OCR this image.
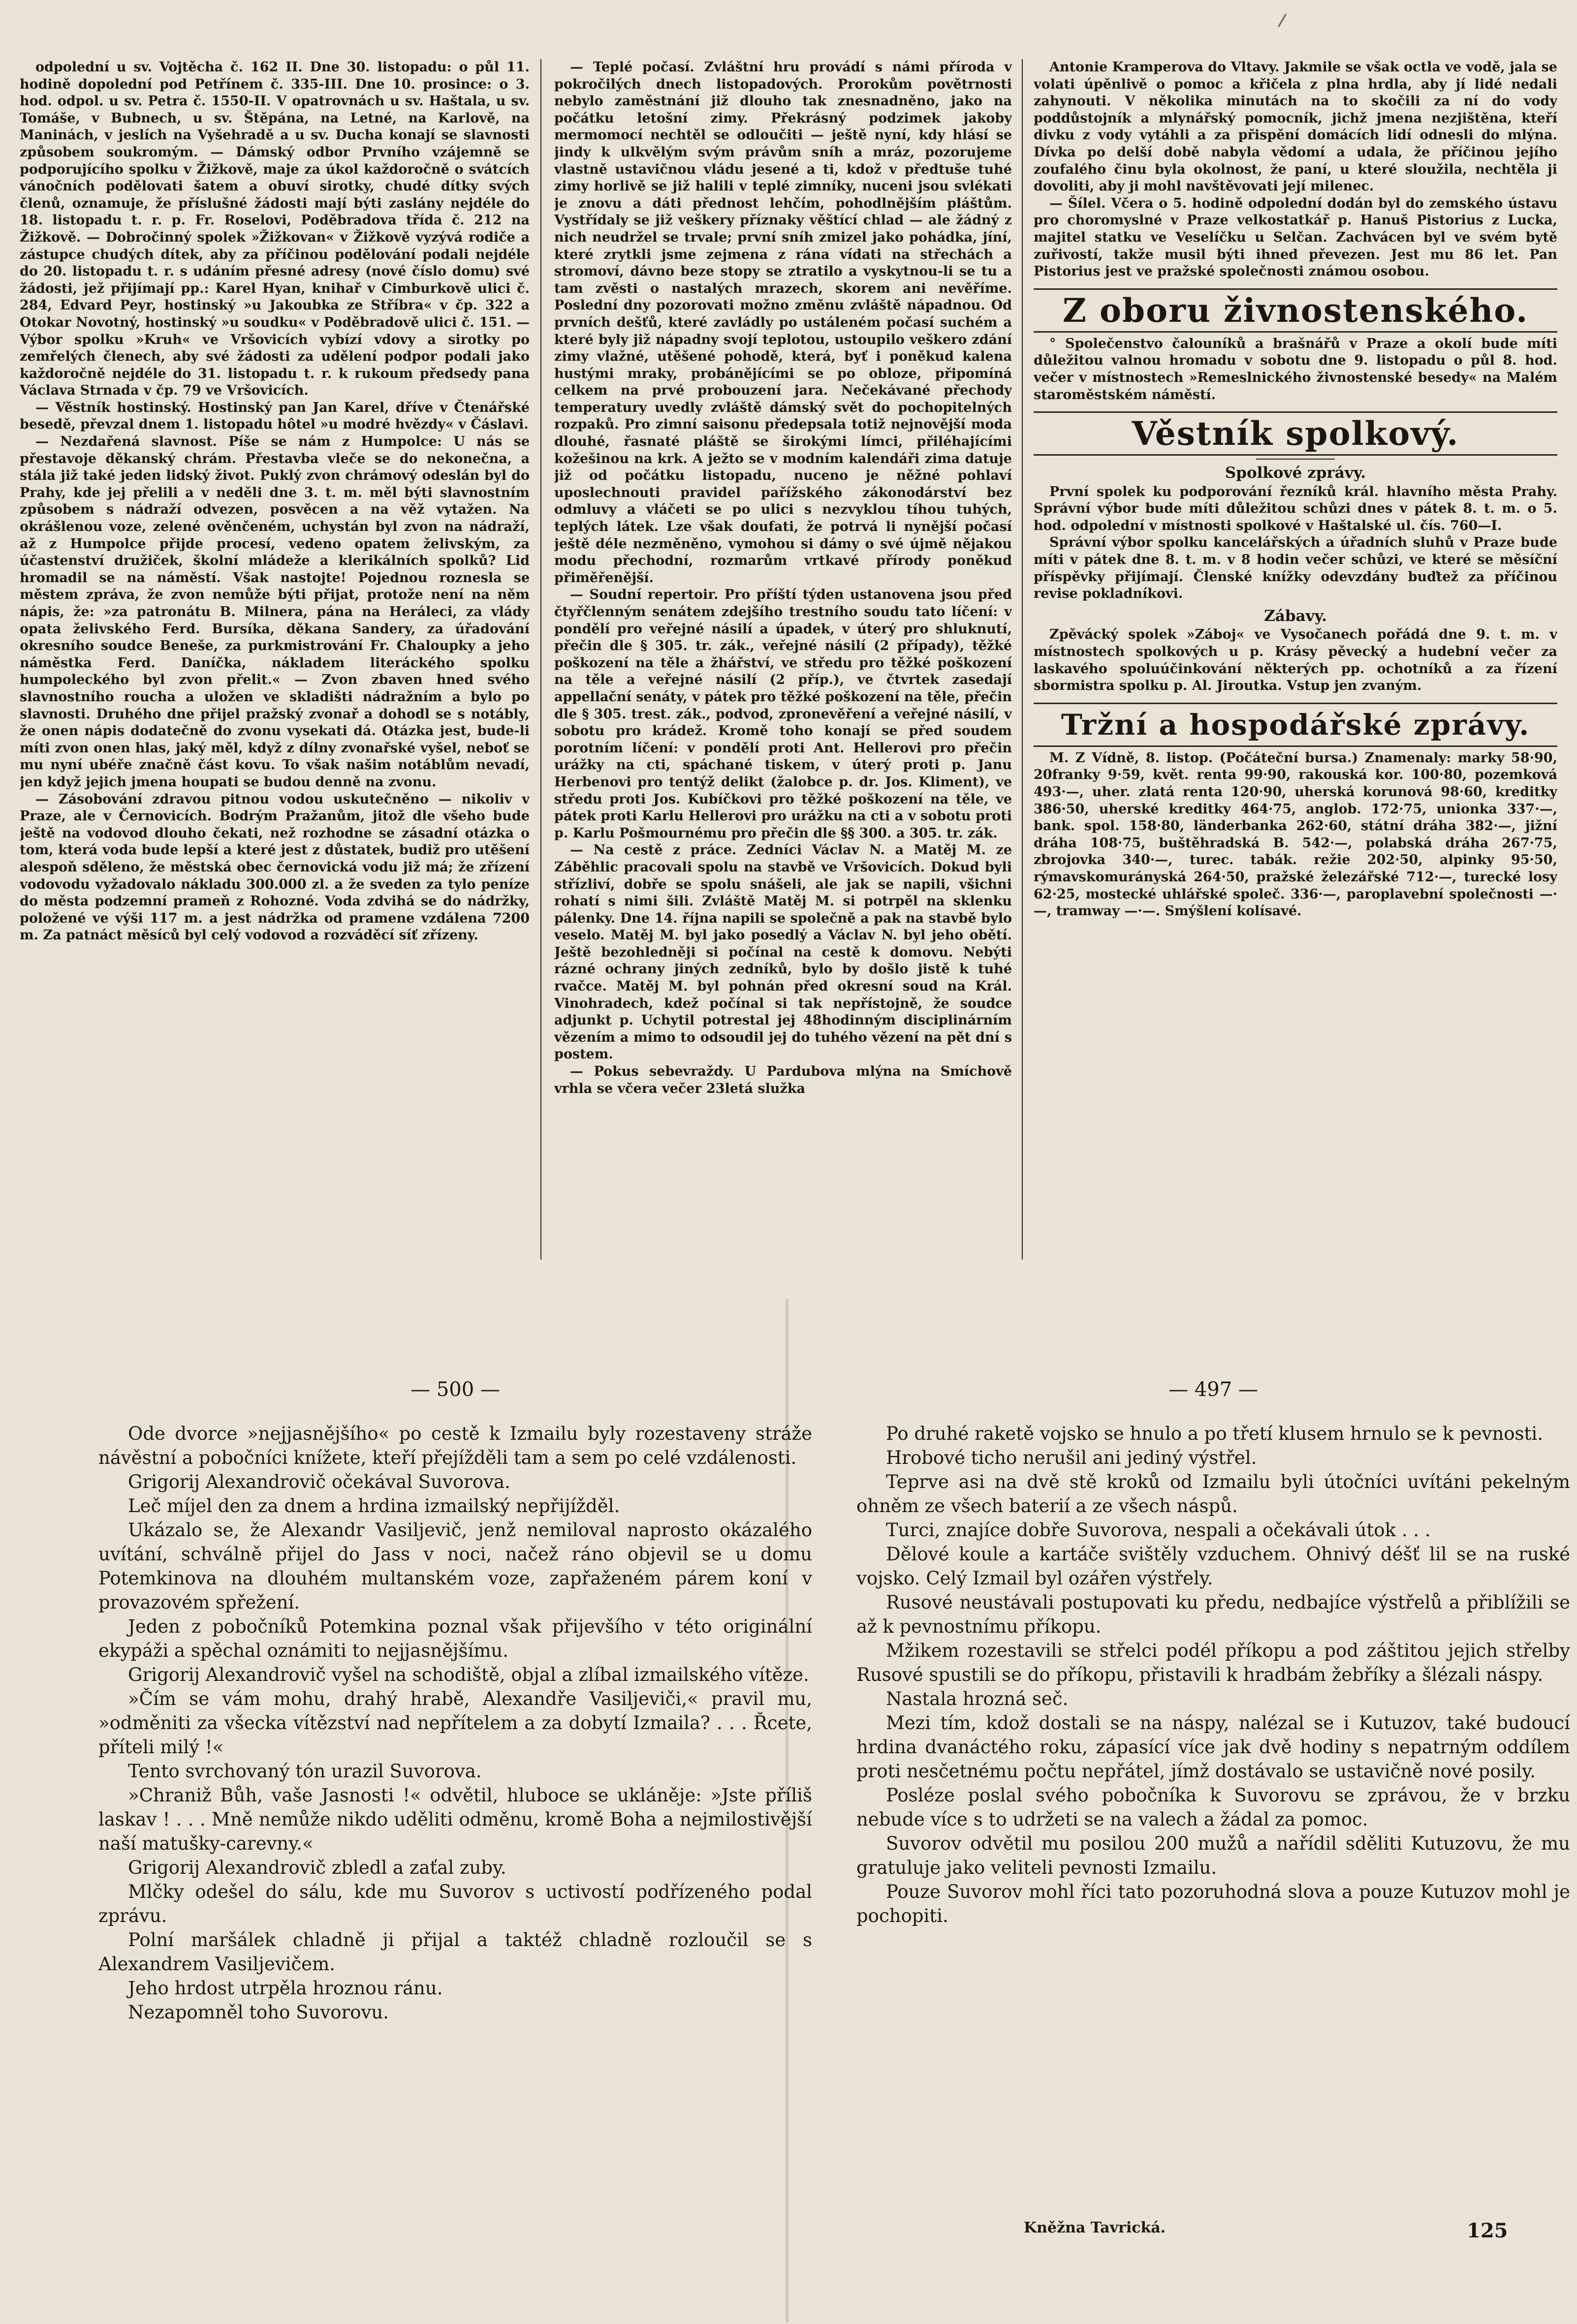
odpolední u sv. Vojtěcha č. 162 II. Dne 30. listopadu: o půl 11. hodině dopolední pod Petřínem č. 335-III. Dne 10. prosince: o 3. hod. odpol. u sv. Petra č. 1550-II. V opatrovnách u sv. Haštala, u sv. Tomáše, v Bubnech, u sv. Štěpána, na Letné, na Karlově, na Maninách, v jeslích na Vyšehradě a u sv. Ducha konají se slavnosti způsobem soukromým. — Dámský odbor Prvního vzájemně se podporujícího spolku v Žižkově, maje za úkol každoročně o svátcích vánočních podělovati šatem a obuví sirotky, chudé dítky svých členů, oznamuje, že příslušné žádosti mají býti zaslány nejdéle do 18. listopadu t. r. p. Fr. Roselovi, Poděbradova třída č. 212 na Žižkově. — Dobročinný spolek »Žižkovan« v Žižkově vyzývá rodiče a zástupce chudých dítek, aby za příčinou podělování podali nejdéle do 20. listopadu t. r. s udáním přesné adresy (nové číslo domu) své žádosti, jež přijímají pp.: Karel Hyan, knihař v Cimburkově ulici č. 284, Edvard Peyr, hostinský »u Jakoubka ze Stříbra« v čp. 322 a Otokar Novotný, hostinský »u soudku« v Poděbradově ulici č. 151. — Výbor spolku »Kruh« ve Vršovicích vybízí vdovy a sirotky po zemřelých členech, aby své žádosti za udělení podpor podali jako každoročně nejdéle do 31. listopadu t. r. k rukoum předsedy pana Václava Strnada v čp. 79 ve Vršovicích.

— Věstník hostinský. Hostinský pan Jan Karel, dříve v Čtenářské besedě, převzal dnem 1. listopadu hôtel »u modré hvězdy« v Čáslavi.

— Nezdařená slavnost. Píše se nám z Humpolce: U nás se přestavoje děkanský chrám. Přestavba vleče se do nekonečna, a stála již také jeden lidský život. Puklý zvon chrámový odeslán byl do Prahy, kde jej přelili a v neděli dne 3. t. m. měl býti slavnostním způsobem s nádraží odvezen, posvěcen a na věž vytažen. Na okrášlenou voze, zelené ověnčeném, uchystán byl zvon na nádraží, až z Humpolce přijde procesí, vedeno opatem želivským, za účastenství družiček, školní mládeže a klerikálních spolků? Lid hromadil se na náměstí. Však nastojte! Pojednou roznesla se městem zpráva, že zvon nemůže býti přijat, protože není na něm nápis, že: »za patronátu B. Milnera, pána na Heráleci, za vlády opata želivského Ferd. Bursíka, děkana Sandery, za úřadování okresního soudce Beneše, za purkmistrování Fr. Chaloupky a jeho náměstka Ferd. Daníčka, nákladem literáckého spolku humpoleckého byl zvon přelit.« — Zvon zbaven hned svého slavnostního roucha a uložen ve skladišti nádražním a bylo po slavnosti. Druhého dne přijel pražský zvonař a dohodl se s notábly, že onen nápis dodatečně do zvonu vysekati dá. Otázka jest, bude-li míti zvon onen hlas, jaký měl, když z dílny zvonařské vyšel, neboť se mu nyní ubéře značně část kovu. To však našim notáblům nevadí, jen když jejich jmena houpati se budou denně na zvonu.

— Zásobování zdravou pitnou vodou uskutečněno — nikoliv v Praze, ale v Černovicích. Bodrým Pražanům, jitož dle všeho bude ještě na vodovod dlouho čekati, než rozhodne se zásadní otázka o tom, která voda bude lepší a které jest z důstatek, budiž pro utěšení alespoň sděleno, že městská obec černovická vodu již má; že zřízení vodovodu vyžadovalo nákladu 300.000 zl. a že sveden za tylo peníze do města podzemní prameň z Rohozné. Voda zdvihá se do nádržky, položené ve výši 117 m. a jest nádržka od pramene vzdálena 7200 m. Za patnáct měsíců byl celý vodovod a rozváděcí síť zřízeny.

— Teplé počasí. Zvláštní hru provádí s námi příroda v pokročilých dnech listopadových. Prorokům povětrnosti nebylo zaměstnání již dlouho tak znesnadněno, jako na počátku letošní zimy. Překrásný podzimek jakoby mermomocí nechtěl se odloučiti — ještě nyní, kdy hlásí se jindy k ulkvělým svým právům sníh a mráz, pozorujeme vlastně ustavičnou vládu jesené a ti, kdož v předtuše tuhé zimy horlivě se již halili v teplé zimníky, nuceni jsou svlékati je znovu a dáti přednost lehčím, pohodlnějším pláštům. Vystřídaly se již veškery příznaky věštící chlad — ale žádný z nich neudržel se trvale; první sníh zmizel jako pohádka, jíní, které zrytkli jsme zejmena z rána vídati na střechách a stromoví, dávno beze stopy se ztratilo a vyskytnou-li se tu a tam zvěsti o nastalých mrazech, skorem ani nevěříme. Poslední dny pozorovati možno změnu zvláště nápadnou. Od prvních dešťů, které zavládly po ustáleném počasí suchém a které byly již nápadny svojí teplotou, ustoupilo veškero zdání zimy vlažné, utěšené pohodě, která, byť i poněkud kalena hustými mraky, probánějícími se po obloze, připomíná celkem na prvé probouzení jara. Nečekávané přechody temperatury uvedly zvláště dámský svět do pochopitelných rozpaků. Pro zimní saisonu předepsala totiž nejnovější moda dlouhé, řasnaté pláště se širokými límci, přiléhajícími kožešinou na krk. A ježto se v modním kalendáři zima datuje již od počátku listopadu, nuceno je něžné pohlaví uposlechnouti pravidel pařížského zákonodárství bez odmluvy a vláčeti se po ulici s nezvyklou tíhou tuhých, teplých látek. Lze však doufati, že potrvá li nynější počasí ještě déle nezměněno, vymohou si dámy o své újmě nějakou modu přechodní, rozmarům vrtkavé přírody poněkud přiměřenější.

— Soudní repertoir. Pro příští týden ustanovena jsou před čtyřčlenným senátem zdejšího trestního soudu tato líčení: v pondělí pro veřejné násilí a úpadek, v úterý pro shluknutí, přečin dle § 305. tr. zák., veřejné násilí (2 případy), těžké poškození na těle a žhářství, ve středu pro těžké poškození na těle a veřejné násilí (2 příp.), ve čtvrtek zasedají appellační senáty, v pátek pro těžké poškození na těle, přečin dle § 305. trest. zák., podvod, zpronevěření a veřejné násilí, v sobotu pro krádež. Kromě toho konají se před soudem porotním líčení: v pondělí proti Ant. Hellerovi pro přečin urážky na cti, spáchané tiskem, v úterý proti p. Janu Herbenovi pro tentýž delikt (žalobce p. dr. Jos. Kliment), ve středu proti Jos. Kubíčkovi pro těžké poškození na těle, ve pátek proti Karlu Hellerovi pro urážku na cti a v sobotu proti p. Karlu Pošmournému pro přečin dle §§ 300. a 305. tr. zák.

— Na cestě z práce. Zedníci Václav N. a Matěj M. ze Záběhlic pracovali spolu na stavbě ve Vršovicích. Dokud byli střízliví, dobře se spolu snášeli, ale jak se napili, všichni rohatí s nimi šili. Zvláště Matěj M. si potrpěl na sklenku pálenky. Dne 14. října napili se společně a pak na stavbě bylo veselo. Matěj M. byl jako posedlý a Václav N. byl jeho obětí. Ještě bezohledněji si počínal na cestě k domovu. Nebýti rázné ochrany jiných zedníků, bylo by došlo jistě k tuhé rvačce. Matěj M. byl pohnán před okresní soud na Král. Vinohradech, kdež počínal si tak nepřístojně, že soudce adjunkt p. Uchytil potrestal jej 48hodinným disciplinárním vězením a mimo to odsoudil jej do tuhého vězení na pět dní s postem.

— Pokus sebevraždy. U Pardubova mlýna na Smíchově vrhla se včera večer 23letá služka

Antonie Kramperova do Vltavy. Jakmile se však octla ve vodě, jala se volati úpěnlivě o pomoc a křičela z plna hrdla, aby jí lidé nedali zahynouti. V několika minutách na to skočili za ní do vody poddůstojník a mlynářský pomocník, jichž jmena nezjištěna, kteří divku z vody vytáhli a za přispění domácích lidí odnesli do mlýna. Dívka po delší době nabyla vědomí a udala, že příčinou jejího zoufalého činu byla okolnost, že paní, u které sloužila, nechtěla ji dovoliti, aby ji mohl navštěvovati její milenec.

— Šílel. Včera o 5. hodině odpolední dodán byl do zemského ústavu pro choromyslné v Praze velkostatkář p. Hanuš Pistorius z Lucka, majitel statku ve Veselíčku u Selčan. Zachvácen byl ve svém bytě zuřivostí, takže musil býti ihned převezen. Jest mu 86 let. Pan Pistorius jest ve pražské společnosti známou osobou.

Z oboru živnostenského.

° Společenstvo čalouníků a brašnářů v Praze a okolí bude míti důležitou valnou hromadu v sobotu dne 9. listopadu o půl 8. hod. večer v místnostech »Remeslnického živnostenské besedy« na Malém staroměstském náměstí.

Věstník spolkový.
Spolkové zprávy.

První spolek ku podporování řezníků král. hlavního města Prahy. Správní výbor bude míti důležitou schůzi dnes v pátek 8. t. m. o 5. hod. odpolední v místnosti spolkové v Haštalské ul. čís. 760—I.

Správní výbor spolku kancelářských a úřadních sluhů v Praze bude míti v pátek dne 8. t. m. v 8 hodin večer schůzi, ve které se měsíční příspěvky přijímají. Členské knížky odevzdány buďtež za příčinou revise pokladníkovi.

Zábavy.

Zpěvácký spolek »Záboj« ve Vysočanech pořádá dne 9. t. m. v místnostech spolkových u p. Krásy pěvecký a hudební večer za laskavého spoluúčinkování některých pp. ochotníků a za řízení sbormistra spolku p. Al. Jiroutka. Vstup jen zvaným.

Tržní a hospodářské zprávy.

M. Z Vídně, 8. listop. (Počáteční bursa.) Znamenaly: marky 58·90, 20franky 9·59, květ. renta 99·90, rakouská kor. 100·80, pozemková 493·—, uher. zlatá renta 120·90, uherská korunová 98·60, kreditky 386·50, uherské kreditky 464·75, anglob. 172·75, unionka 337·—, bank. spol. 158·80, länderbanka 262·60, státní dráha 382·—, jižní dráha 108·75, buštěhradská B. 542·—, polabská dráha 267·75, zbrojovka 340·—, turec. tabák. režie 202·50, alpinky 95·50, rýmavskomurányská 264·50, pražské železářské 712·—, turecké losy 62·25, mostecké uhlářské společ. 336·—, paroplavební společnosti —·—, tramway —·—. Smýšlení kolísavé.

— 500 —

Ode dvorce »nejjasnějšího« po cestě k Izmailu byly rozestaveny stráže návěstní a pobočníci knížete, kteří přejížděli tam a sem po celé vzdálenosti.

Grigorij Alexandrovič očekával Suvorova.

Leč míjel den za dnem a hrdina izmailský nepřijížděl.

Ukázalo se, že Alexandr Vasiljevič, jenž nemiloval naprosto okázalého uvítání, schválně přijel do Jass v noci, načež ráno objevil se u domu Potemkinova na dlouhém multanském voze, zapřaženém párem koní v provazovém spřežení.

Jeden z pobočníků Potemkina poznal však přijevšího v této originální ekypáži a spěchal oznámiti to nejjasnějšímu.

Grigorij Alexandrovič vyšel na schodiště, objal a zlíbal izmailského vítěze.

»Čím se vám mohu, drahý hrabě, Alexandře Vasiljeviči,« pravil mu, »odměniti za všecka vítězství nad nepřítelem a za dobytí Izmaila? . . . Řcete, příteli milý !«

Tento svrchovaný tón urazil Suvorova.

»Chraniž Bůh, vaše Jasnosti !« odvětil, hluboce se ukláněje: »Jste příliš laskav ! . . . Mně nemůže nikdo uděliti odměnu, kromě Boha a nejmilostivější naší matušky-carevny.«

Grigorij Alexandrovič zbledl a zaťal zuby.

Mlčky odešel do sálu, kde mu Suvorov s uctivostí podřízeného podal zprávu.

Polní maršálek chladně ji přijal a taktéž chladně rozloučil se s Alexandrem Vasiljevičem.

Jeho hrdost utrpěla hroznou ránu.

Nezapomněl toho Suvorovu.

— 497 —

Po druhé raketě vojsko se hnulo a po třetí klusem hrnulo se k pevnosti.

Hrobové ticho nerušil ani jediný výstřel.

Teprve asi na dvě stě kroků od Izmailu byli útočníci uvítáni pekelným ohněm ze všech baterií a ze všech náspů.

Turci, znajíce dobře Suvorova, nespali a očekávali útok . . .

Dělové koule a kartáče svištěly vzduchem. Ohnivý déšť lil se na ruské vojsko. Celý Izmail byl ozářen výstřely.

Rusové neustávali postupovati ku předu, nedbajíce výstřelů a přiblížili se až k pevnostnímu příkopu.

Mžikem rozestavili se střelci podél příkopu a pod záštitou jejich střelby Rusové spustili se do příkopu, přistavili k hradbám žebříky a šlézali náspy.

Nastala hrozná seč.

Mezi tím, kdož dostali se na náspy, nalézal se i Kutuzov, také budoucí hrdina dvanáctého roku, zápasící více jak dvě hodiny s nepatrným oddílem proti nesčetnému počtu nepřátel, jímž dostávalo se ustavičně nové posily.

Posléze poslal svého pobočníka k Suvorovu se zprávou, že v brzku nebude více s to udržeti se na valech a žádal za pomoc.

Suvorov odvětil mu posilou 200 mužů a nařídil sděliti Kutuzovu, že mu gratuluje jako veliteli pevnosti Izmailu.

Pouze Suvorov mohl říci tato pozoruhodná slova a pouze Kutuzov mohl je pochopiti.

Kněžna Tavrická.	125
